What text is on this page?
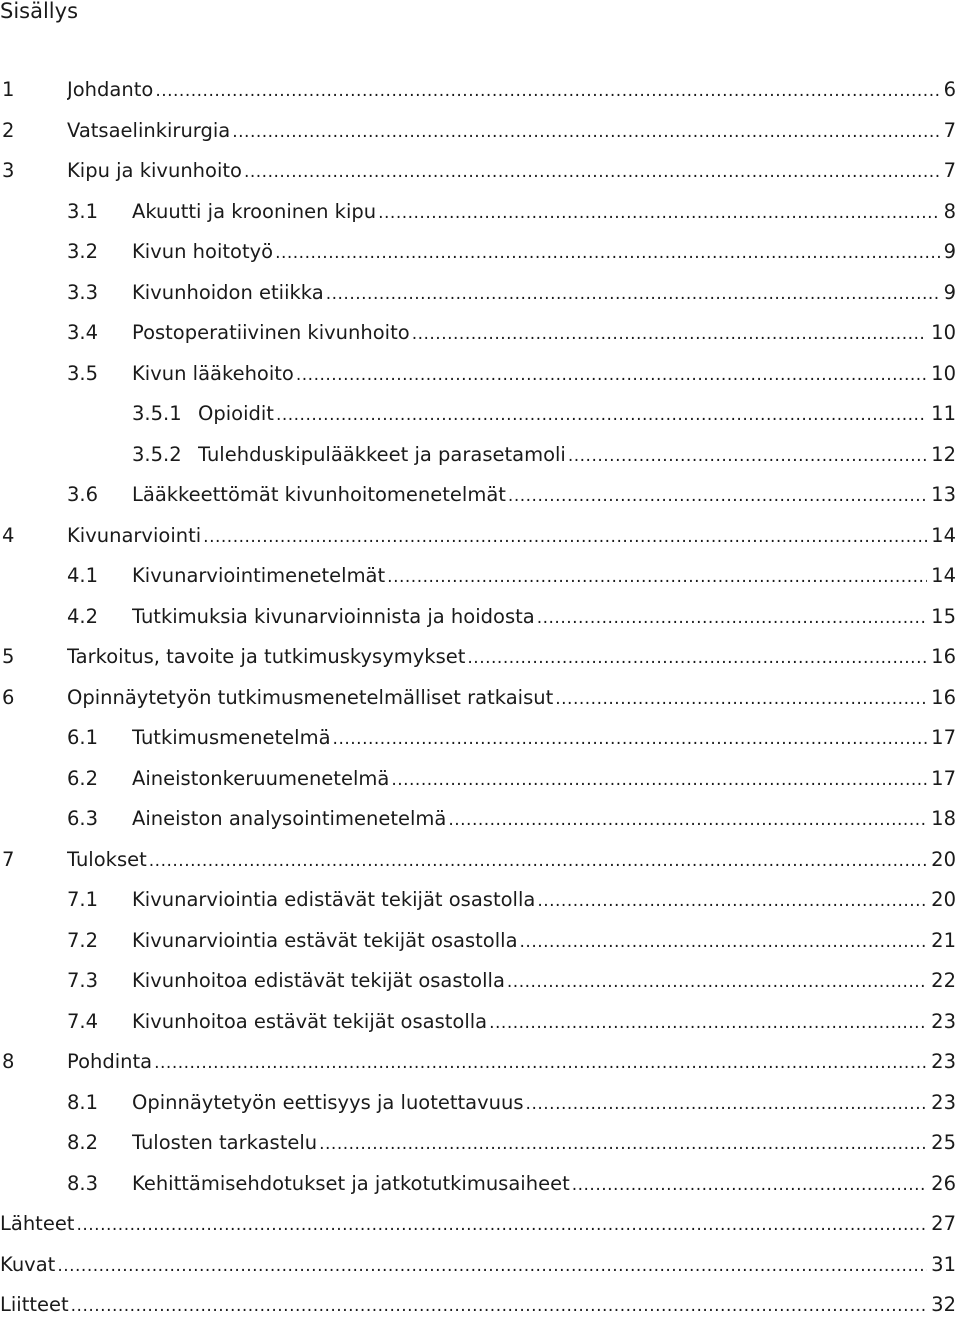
Sisällys
1	Johdanto .....	6
2	Vatsaelinkirurgia .....	7
3	Kipu ja kivunhoito .....	7
3.1 Akuutti ja krooninen kipu .....	8
3.2 Kivun hoitotyö .....	9
3.3 Kivunhoidon etiikka .....	9
3.4 Postoperatiivinen kivunhoito .....	10
3.5 Kivun lääkehoito .....	10
3.5.1 Opioidit .....	11
3.5.2 Tulehduskipulääkkeet ja parasetamoli .....	12
3.6 Lääkkeettömät kivunhoitomenetelmät .....	13
4	Kivunarviointi .....	14
4.1 Kivunarviointimenetelmät .....	14
4.2 Tutkimuksia kivunarvioinnista ja hoidosta .....	15
5	Tarkoitus, tavoite ja tutkimuskysymykset .....	16
6	Opinnäytetyön tutkimusmenetelmälliset ratkaisut .....	16
6.1 Tutkimusmenetelmä .....	17
6.2 Aineistonkeruumenetelmä .....	17
6.3 Aineiston analysointimenetelmä .....	18
7	Tulokset .....	20
7.1 Kivunarviointia edistävät tekijät osastolla .....	20
7.2 Kivunarviointia estävät tekijät osastolla .....	21
7.3 Kivunhoitoa edistävät tekijät osastolla .....	22
7.4 Kivunhoitoa estävät tekijät osastolla .....	23
8	Pohdinta .....	23
8.1 Opinnäytetyön eettisyys ja luotettavuus .....	23
8.2 Tulosten tarkastelu .....	25
8.3 Kehittämisehdotukset ja jatkotutkimusaiheet .....	26
Lähteet .....	27
Kuvat .....	31
Liitteet .....	32
